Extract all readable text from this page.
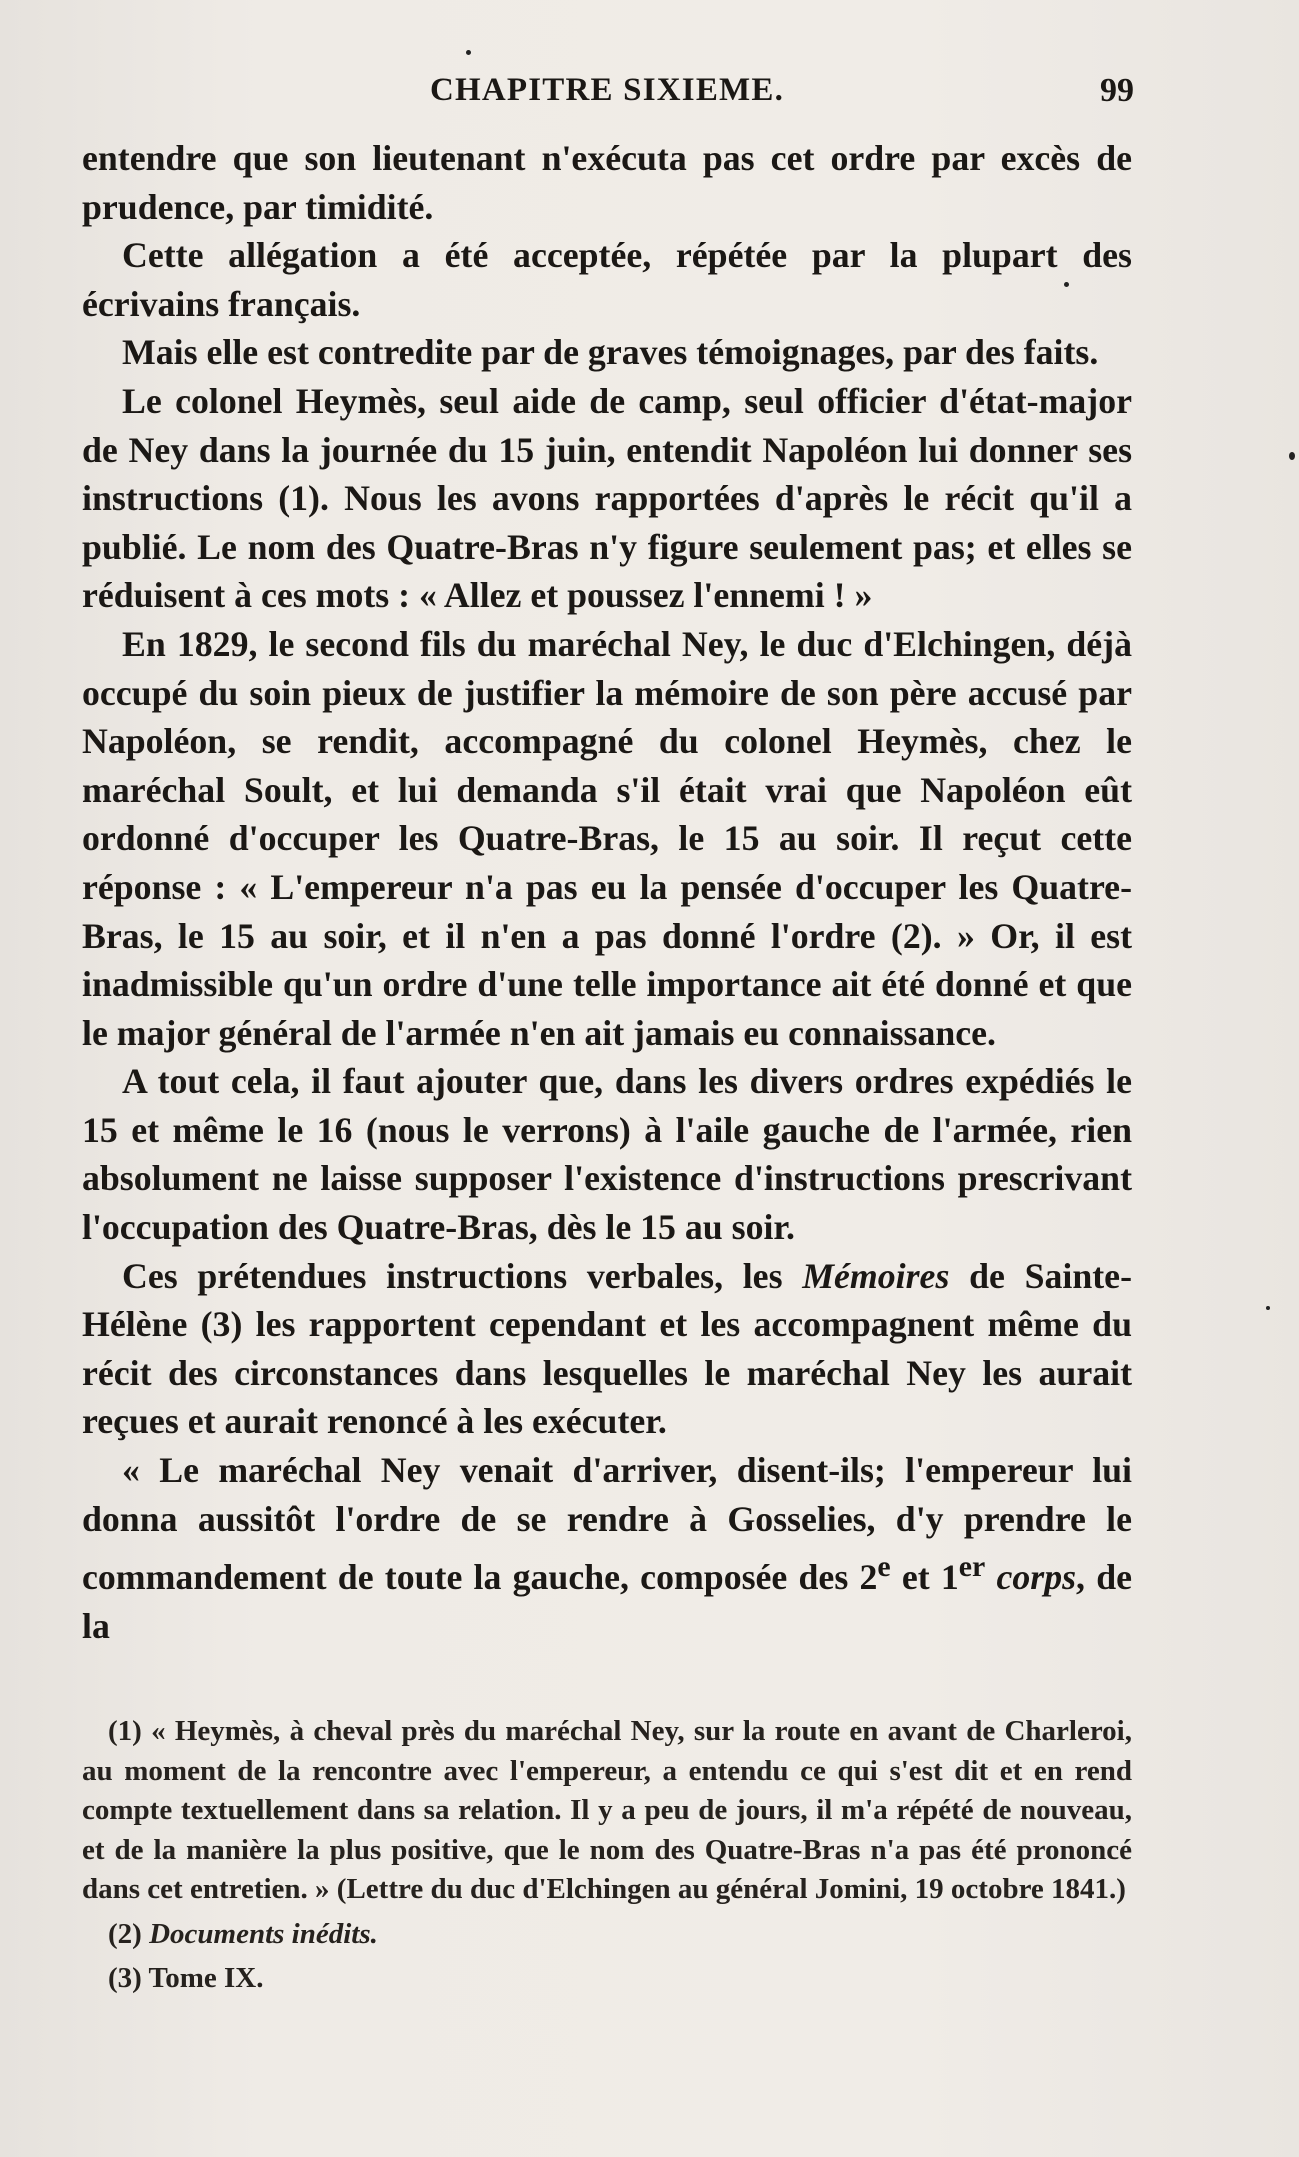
CHAPITRE SIXIEME.	99

entendre que son lieutenant n'exécuta pas cet ordre par excès de prudence, par timidité.

Cette allégation a été acceptée, répétée par la plupart des écrivains français.

Mais elle est contredite par de graves témoignages, par des faits.

Le colonel Heymès, seul aide de camp, seul officier d'état-major de Ney dans la journée du 15 juin, entendit Napoléon lui donner ses instructions (1). Nous les avons rapportées d'après le récit qu'il a publié. Le nom des Quatre-Bras n'y figure seulement pas; et elles se réduisent à ces mots : « Allez et poussez l'ennemi ! »

En 1829, le second fils du maréchal Ney, le duc d'Elchingen, déjà occupé du soin pieux de justifier la mémoire de son père accusé par Napoléon, se rendit, accompagné du colonel Heymès, chez le maréchal Soult, et lui demanda s'il était vrai que Napoléon eût ordonné d'occuper les Quatre-Bras, le 15 au soir. Il reçut cette réponse : « L'empereur n'a pas eu la pensée d'occuper les Quatre-Bras, le 15 au soir, et il n'en a pas donné l'ordre (2). » Or, il est inadmissible qu'un ordre d'une telle importance ait été donné et que le major général de l'armée n'en ait jamais eu connaissance.

A tout cela, il faut ajouter que, dans les divers ordres expédiés le 15 et même le 16 (nous le verrons) à l'aile gauche de l'armée, rien absolument ne laisse supposer l'existence d'instructions prescrivant l'occupation des Quatre-Bras, dès le 15 au soir.

Ces prétendues instructions verbales, les Mémoires de Sainte-Hélène (3) les rapportent cependant et les accompagnent même du récit des circonstances dans lesquelles le maréchal Ney les aurait reçues et aurait renoncé à les exécuter.

« Le maréchal Ney venait d'arriver, disent-ils; l'empereur lui donna aussitôt l'ordre de se rendre à Gosselies, d'y prendre le commandement de toute la gauche, composée des 2e et 1er corps, de la

(1) « Heymès, à cheval près du maréchal Ney, sur la route en avant de Charleroi, au moment de la rencontre avec l'empereur, a entendu ce qui s'est dit et en rend compte textuellement dans sa relation. Il y a peu de jours, il m'a répété de nouveau, et de la manière la plus positive, que le nom des Quatre-Bras n'a pas été prononcé dans cet entretien. » (Lettre du duc d'Elchingen au général Jomini, 19 octobre 1841.)

(2) Documents inédits.

(3) Tome IX.
